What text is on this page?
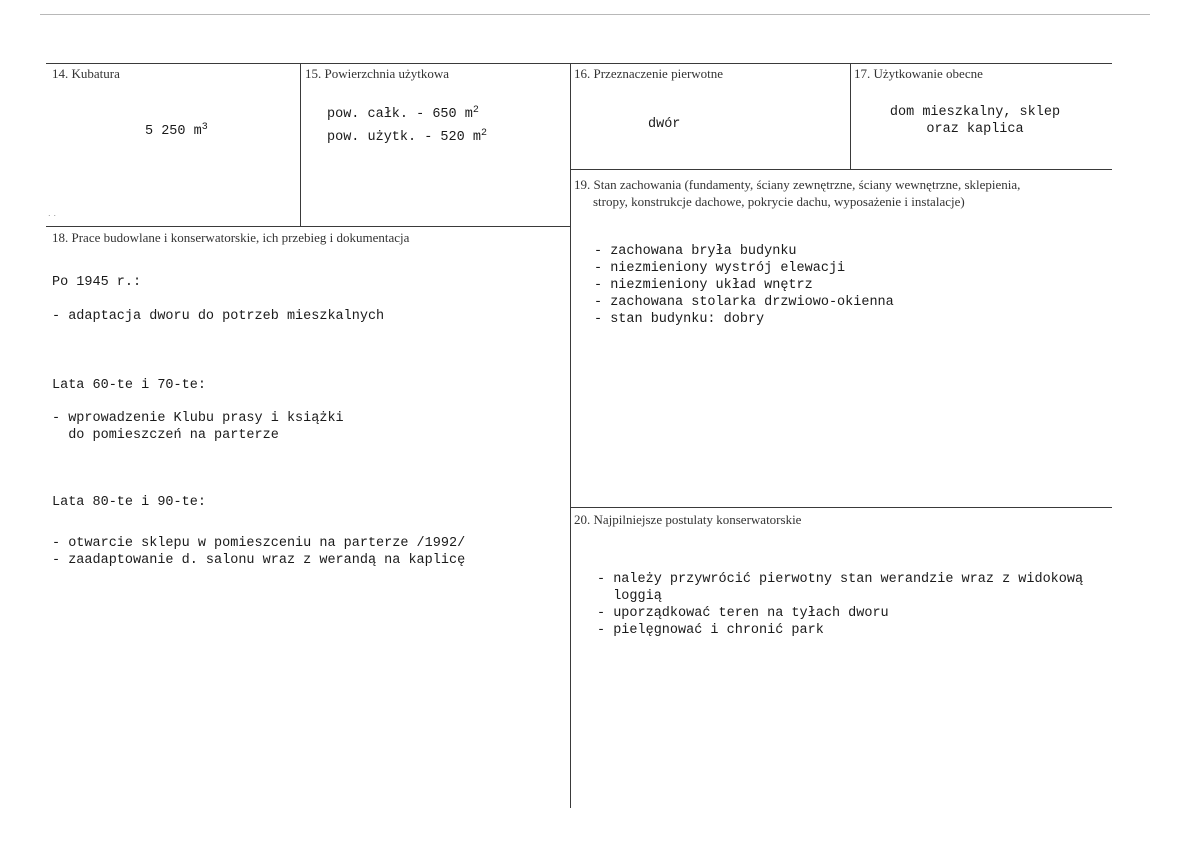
..
14. Kubatura
5 250 $m^3$
15. Powierzchnia użytkowa
pow. całk. - 650 $m^2$
pow. użytk. - 520 $m^2$
16. Przeznaczenie pierwotne
dwór
17. Użytkowanie obecne
dom mieszkalny, sklep
oraz kaplica
18. Prace budowlane i konserwatorskie, ich przebieg i dokumentacja
Po 1945 r.:
- adaptacja dworu do potrzeb mieszkalnych
Lata 60-te i 70-te:
- wprowadzenie Klubu prasy i książki
do pomieszczeń na parterze
Lata 80-te i 90-te:
- otwarcie sklepu w pomieszceniu na parterze /1992/
- zaadaptowanie d. salonu wraz z werandą na kaplicę
19. Stan zachowania (fundamenty, ściany zewnętrzne, ściany wewnętrzne, sklepienia,
stropy, konstrukcje dachowe, pokrycie dachu, wyposażenie i instalacje)
- zachowana bryła budynku
- niezmieniony wystrój elewacji
- niezmieniony układ wnętrz
- zachowana stolarka drzwiowo-okienna
- stan budynku: dobry
20. Najpilniejsze postulaty konserwatorskie
- należy przywrócić pierwotny stan werandzie wraz z widokową
loggią
- uporządkować teren na tyłach dworu
- pielęgnować i chronić park
